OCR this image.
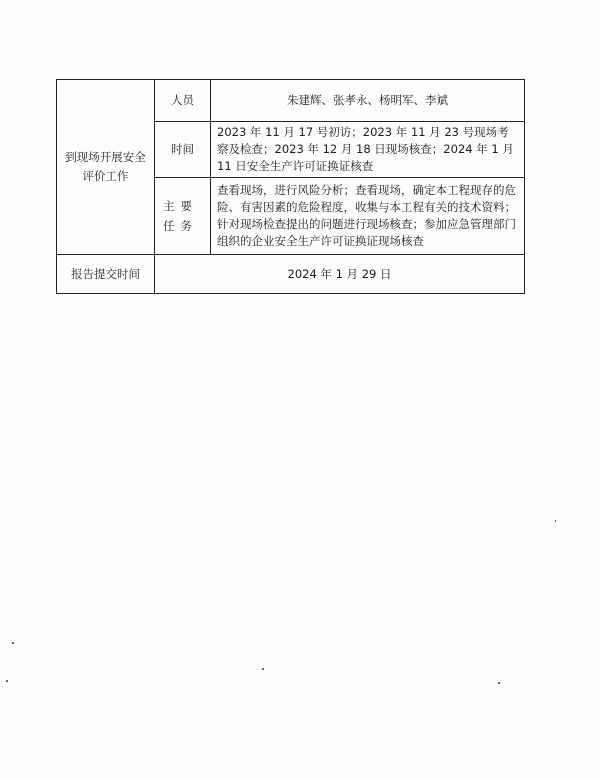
到现场开展安全评价工作	人员	朱建辉、张孝永、杨明军、李斌
	时间	2023 年 11 月 17 号初访；2023 年 11 月 23 号现场考察及检查；2023 年 12 月 18 日现场核查；2024 年 1 月 11 日安全生产许可证换证核查
	主要任务	查看现场，进行风险分析；查看现场，确定本工程现存的危险、有害因素的危险程度，收集与本工程有关的技术资料；针对现场检查提出的问题进行现场核查；参加应急管理部门组织的企业安全生产许可证换证现场核查
报告提交时间	2024 年 1 月 29 日	
